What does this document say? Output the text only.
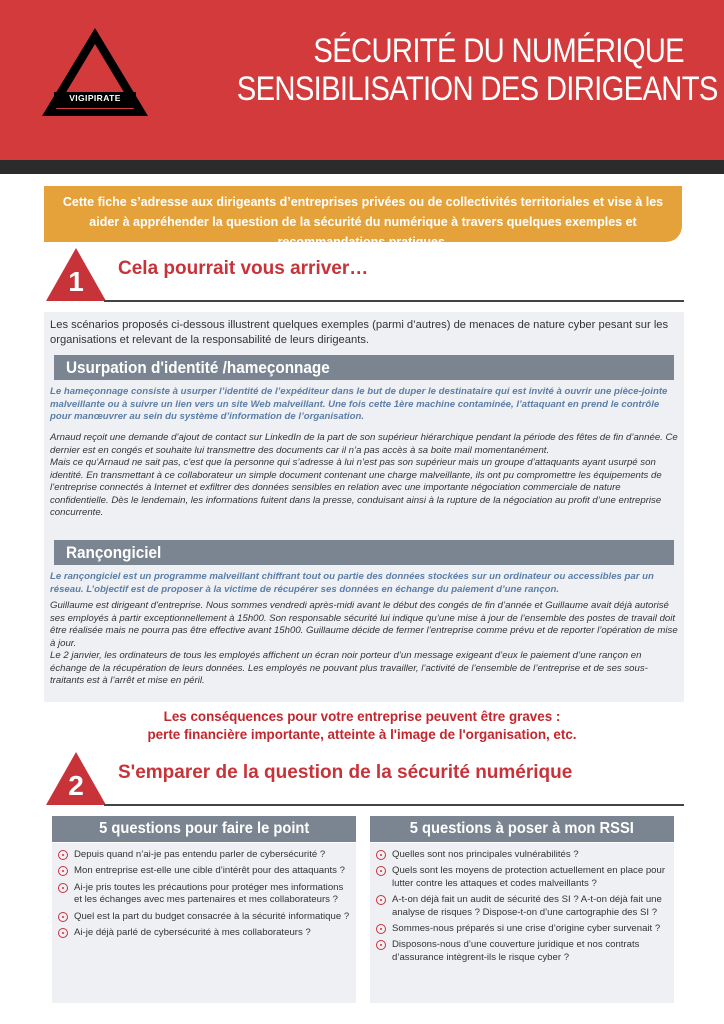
VIGIPIRATE
SÉCURITÉ DU NUMÉRIQUE
SENSIBILISATION DES DIRIGEANTS
Cette fiche s’adresse aux dirigeants d’entreprises privées ou de collectivités territoriales et vise à les aider à appréhender la question de la sécurité du numérique à travers quelques exemples et recommandations pratiques.
1	Cela pourrait vous arriver…
Les scénarios proposés ci-dessous illustrent quelques exemples (parmi d’autres) de menaces de nature cyber pesant sur les organisations et relevant de la responsabilité de leurs dirigeants.
Usurpation d'identité /hameçonnage
Le hameçonnage consiste à usurper l’identité de l’expéditeur dans le but de duper le destinataire qui est invité à ouvrir une pièce-jointe malveillante ou à suivre un lien vers un site Web malveillant. Une fois cette 1ère machine contaminée, l’attaquant en prend le contrôle pour manœuvrer au sein du système d’information de l’organisation.

Arnaud reçoit une demande d’ajout de contact sur LinkedIn de la part de son supérieur hiérarchique pendant la période des fêtes de fin d’année. Ce dernier est en congés et souhaite lui transmettre des documents car il n’a pas accès à sa boite mail momentanément.

Mais ce qu'Arnaud ne sait pas, c'est que la personne qui s’adresse à lui n’est pas son supérieur mais un groupe d’attaquants ayant usurpé son identité. En transmettant à ce collaborateur un simple document contenant une charge malveillante, ils ont pu compromettre les équipements de l’entreprise connectés à Internet et exfiltrer des données sensibles en relation avec une importante négociation commerciale de nature confidentielle. Dès le lendemain, les informations fuitent dans la presse, conduisant ainsi à la rupture de la négociation au profit d’une entreprise concurrente.

Rançongiciel
Le rançongiciel est un programme malveillant chiffrant tout ou partie des données stockées sur un ordinateur ou accessibles par un réseau. L’objectif est de proposer à la victime de récupérer ses données en échange du paiement d’une rançon.

Guillaume est dirigeant d'entreprise. Nous sommes vendredi après-midi avant le début des congés de fin d’année et Guillaume avait déjà autorisé ses employés à partir exceptionnellement à 15h00. Son responsable sécurité lui indique qu’une mise à jour de l’ensemble des postes de travail doit être réalisée mais ne pourra pas être effective avant 15h00. Guillaume décide de fermer l’entreprise comme prévu et de reporter l’opération de mise à jour.

Le 2 janvier, les ordinateurs de tous les employés affichent un écran noir porteur d’un message exigeant d’eux le paiement d’une rançon en échange de la récupération de leurs données. Les employés ne pouvant plus travailler, l’activité de l’ensemble de l’entreprise et de ses sous-traitants est à l’arrêt et mise en péril.

Les conséquences pour votre entreprise peuvent être graves :
perte financière importante, atteinte à l'image de l'organisation, etc.
2	S'emparer de la question de la sécurité numérique
5 questions pour faire le point
Depuis quand n’ai-je pas entendu parler de cybersécurité ?
Mon entreprise est-elle une cible d’intérêt pour des attaquants ?
Ai-je pris toutes les précautions pour protéger mes informations et les échanges avec mes partenaires et mes collaborateurs ?
Quel est la part du budget consacrée à la sécurité informatique ?
Ai-je déjà parlé de cybersécurité à mes collaborateurs ?
5 questions à poser à mon RSSI
Quelles sont nos principales vulnérabilités ?
Quels sont les moyens de protection actuellement en place pour lutter contre les attaques et codes malveillants ?
A-t-on déjà fait un audit de sécurité des SI ? A-t-on déjà fait une analyse de risques ? Dispose-t-on d’une cartographie des SI ?
Sommes-nous préparés si une crise d’origine cyber survenait ?
Disposons-nous d’une couverture juridique et nos contrats d’assurance intègrent-ils le risque cyber ?
